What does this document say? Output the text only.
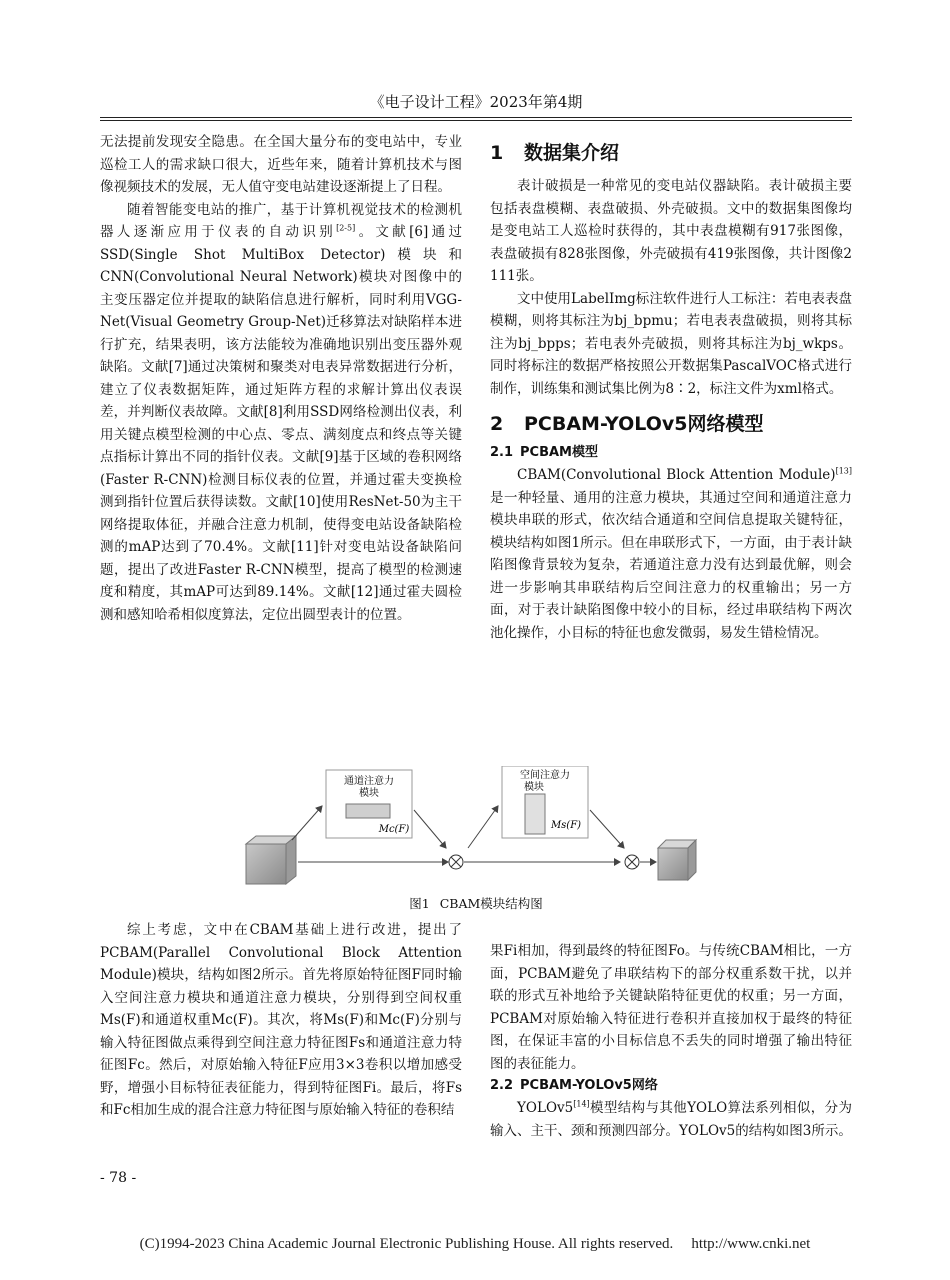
《电子设计工程》2023年第4期

无法提前发现安全隐患。在全国大量分布的变电站中，专业巡检工人的需求缺口很大，近些年来，随着计算机技术与图像视频技术的发展，无人值守变电站建设逐渐提上了日程。

随着智能变电站的推广，基于计算机视觉技术的检测机器人逐渐应用于仪表的自动识别[2-5]。文献[6]通过SSD(Single Shot MultiBox Detector)模块和CNN(Convolutional Neural Network)模块对图像中的主变压器定位并提取的缺陷信息进行解析，同时利用VGG-Net(Visual Geometry Group-Net)迁移算法对缺陷样本进行扩充，结果表明，该方法能较为准确地识别出变压器外观缺陷。文献[7]通过决策树和聚类对电表异常数据进行分析，建立了仪表数据矩阵，通过矩阵方程的求解计算出仪表误差，并判断仪表故障。文献[8]利用SSD网络检测出仪表，利用关键点模型检测的中心点、零点、满刻度点和终点等关键点指标计算出不同的指针仪表。文献[9]基于区域的卷积网络(Faster R-CNN)检测目标仪表的位置，并通过霍夫变换检测到指针位置后获得读数。文献[10]使用ResNet-50为主干网络提取体征，并融合注意力机制，使得变电站设备缺陷检测的mAP达到了70.4%。文献[11]针对变电站设备缺陷问题，提出了改进Faster R-CNN模型，提高了模型的检测速度和精度，其mAP可达到89.14%。文献[12]通过霍夫圆检测和感知哈希相似度算法，定位出圆型表计的位置。

1 数据集介绍

表计破损是一种常见的变电站仪器缺陷。表计破损主要包括表盘模糊、表盘破损、外壳破损。文中的数据集图像均是变电站工人巡检时获得的，其中表盘模糊有917张图像，表盘破损有828张图像，外壳破损有419张图像，共计图像2 111张。

文中使用LabelImg标注软件进行人工标注：若电表表盘模糊，则将其标注为bj_bpmu；若电表表盘破损，则将其标注为bj_bpps；若电表外壳破损，则将其标注为bj_wkps。同时将标注的数据严格按照公开数据集PascalVOC格式进行制作，训练集和测试集比例为8∶2，标注文件为xml格式。

2 PCBAM-YOLOv5网络模型
2.1 PCBAM模型

CBAM(Convolutional Block Attention Module)[13]是一种轻量、通用的注意力模块，其通过空间和通道注意力模块串联的形式，依次结合通道和空间信息提取关键特征，模块结构如图1所示。但在串联形式下，一方面，由于表计缺陷图像背景较为复杂，若通道注意力没有达到最优解，则会进一步影响其串联结构后空间注意力的权重输出；另一方面，对于表计缺陷图像中较小的目标，经过串联结构下两次池化操作，小目标的特征也愈发微弱，易发生错检情况。

通道注意力
模块
Mc(F)
空间注意力
模块
Ms(F)
图1 CBAM模块结构图

综上考虑，文中在CBAM基础上进行改进，提出了PCBAM(Parallel Convolutional Block Attention Module)模块，结构如图2所示。首先将原始特征图F同时输入空间注意力模块和通道注意力模块，分别得到空间权重Ms(F)和通道权重Mc(F)。其次，将Ms(F)和Mc(F)分别与输入特征图做点乘得到空间注意力特征图Fs和通道注意力特征图Fc。然后，对原始输入特征F应用3×3卷积以增加感受野，增强小目标特征表征能力，得到特征图Fi。最后，将Fs和Fc相加生成的混合注意力特征图与原始输入特征的卷积结

果Fi相加，得到最终的特征图Fo。与传统CBAM相比，一方面，PCBAM避免了串联结构下的部分权重系数干扰，以并联的形式互补地给予关键缺陷特征更优的权重；另一方面，PCBAM对原始输入特征进行卷积并直接加权于最终的特征图，在保证丰富的小目标信息不丢失的同时增强了输出特征图的表征能力。

2.2 PCBAM-YOLOv5网络

YOLOv5[14]模型结构与其他YOLO算法系列相似，分为输入、主干、颈和预测四部分。YOLOv5的结构如图3所示。

- 78 -
(C)1994-2023 China Academic Journal Electronic Publishing House. All rights reserved. http://www.cnki.net
